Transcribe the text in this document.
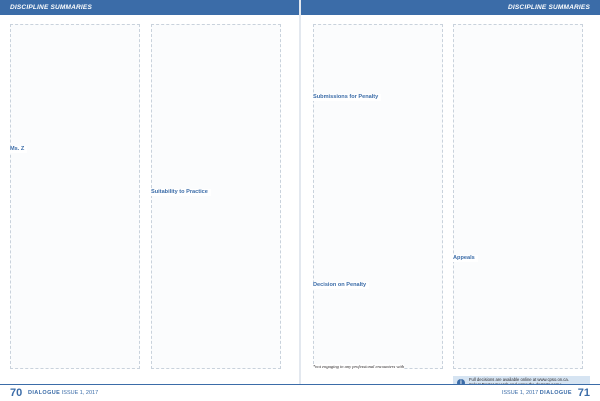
DISCIPLINE SUMMARIES	DISCIPLINE SUMMARIES
Ms. Z
Suitability to Practice
Submissions for Penalty
Decision on Penalty
Appeals
*not engaging in any professional encounters with
i	Full decisions are available online at www.cpso.on.ca.
70 DIALOGUE ISSUE 1, 2017	ISSUE 1, 2017 DIALOGUE 71
